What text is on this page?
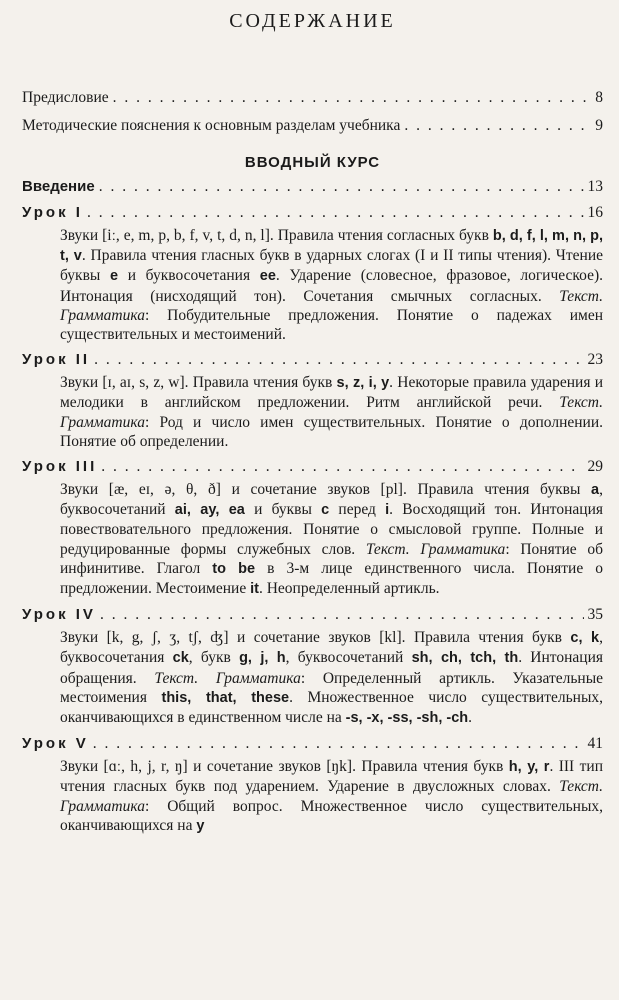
СОДЕРЖАНИЕ
Предисловие . . .	8
Методические пояснения к основным разделам учебника . . .	9
ВВОДНЫЙ КУРС
Введение . . .	13
Урок I . . .	16
Звуки [iː, e, m, p, b, f, v, t, d, n, l]. Правила чтения согласных букв b, d, f, l, m, n, p, t, v. Правила чтения гласных букв в ударных слогах (I и II типы чтения). Чтение буквы e и буквосочетания ee. Ударение (словесное, фразовое, логическое). Интонация (нисходящий тон). Сочетания смычных согласных. Текст. Грамматика: Побудительные предложения. Понятие о падежах имен существительных и местоимений.
Урок II . . .	23
Звуки [ɪ, aɪ, s, z, w]. Правила чтения букв s, z, i, y. Некоторые правила ударения и мелодики в английском предложении. Ритм английской речи. Текст. Грамматика: Род и число имен существительных. Понятие о дополнении. Понятие об определении.
Урок III . . .	29
Звуки [æ, eɪ, ə, θ, ð] и сочетание звуков [pl]. Правила чтения буквы a, буквосочетаний ai, ay, ea и буквы c перед i. Восходящий тон. Интонация повествовательного предложения. Понятие о смысловой группе. Полные и редуцированные формы служебных слов. Текст. Грамматика: Понятие об инфинитиве. Глагол to be в 3-м лице единственного числа. Понятие о предложении. Местоимение it. Неопределенный артикль.
Урок IV . . .	35
Звуки [k, g, ʃ, ʒ, tʃ, ʤ] и сочетание звуков [kl]. Правила чтения букв c, k, буквосочетания ck, букв g, j, h, буквосочетаний sh, ch, tch, th. Интонация обращения. Текст. Грамматика: Определенный артикль. Указательные местоимения this, that, these. Множественное число существительных, оканчивающихся в единственном числе на -s, -x, -ss, -sh, -ch.
Урок V . . .	41
Звуки [ɑː, h, j, r, ŋ] и сочетание звуков [ŋk]. Правила чтения букв h, y, r. III тип чтения гласных букв под ударением. Ударение в двусложных словах. Текст. Грамматика: Общий вопрос. Множественное число существительных, оканчивающихся на y
